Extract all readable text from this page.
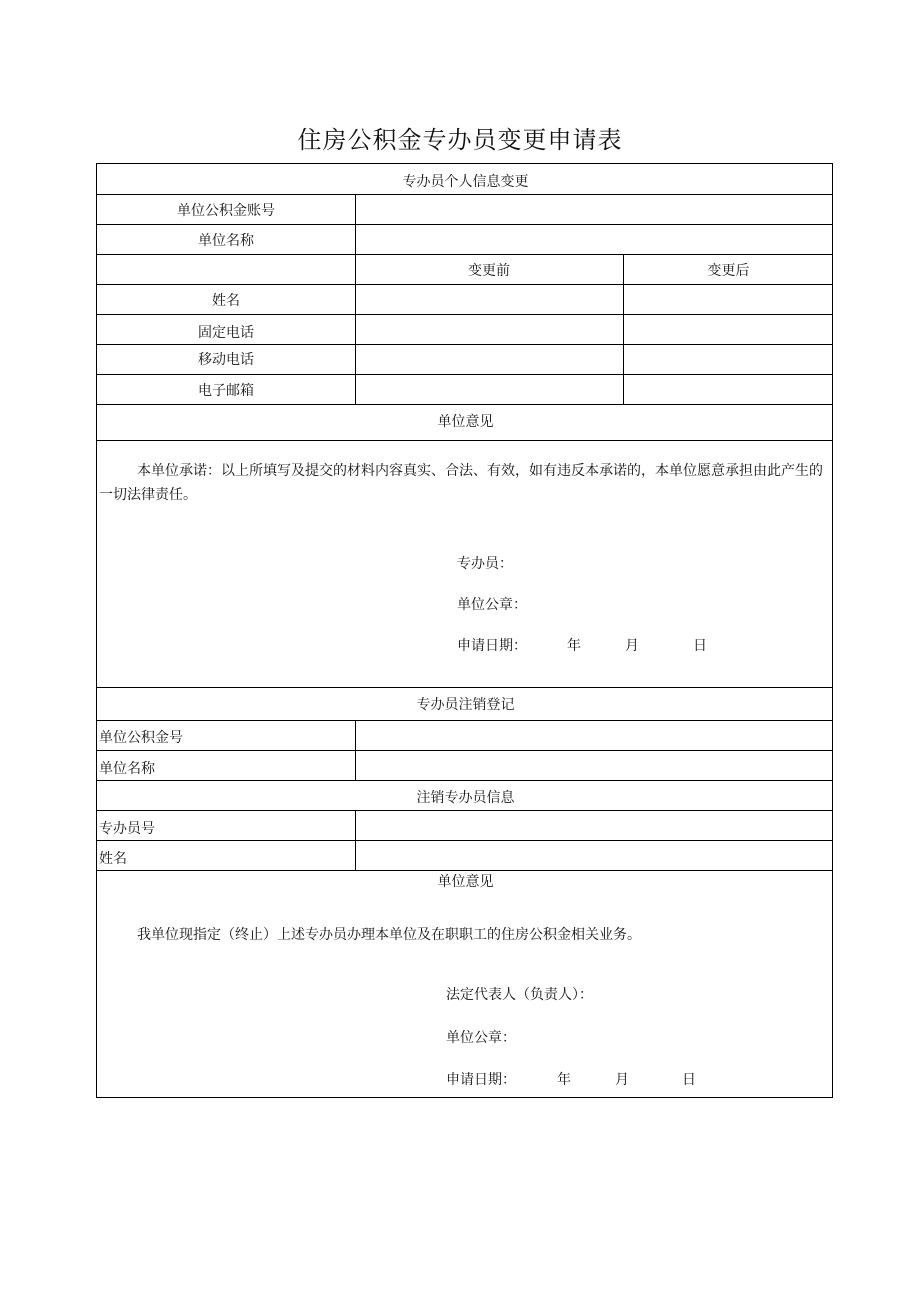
住房公积金专办员变更申请表
专办员个人信息变更
单位公积金账号
单位名称
变更前	变更后
姓名
固定电话
移动电话
电子邮箱
单位意见
本单位承诺：以上所填写及提交的材料内容真实、合法、有效，如有违反本承诺的，本单位愿意承担由此产生的一切法律责任。
专办员：
单位公章：
申请日期：	年	月	日
专办员注销登记
单位公积金号
单位名称
注销专办员信息
专办员号
姓名
单位意见
我单位现指定（终止）上述专办员办理本单位及在职职工的住房公积金相关业务。
法定代表人（负责人）：
单位公章：
申请日期：	年	月	日
